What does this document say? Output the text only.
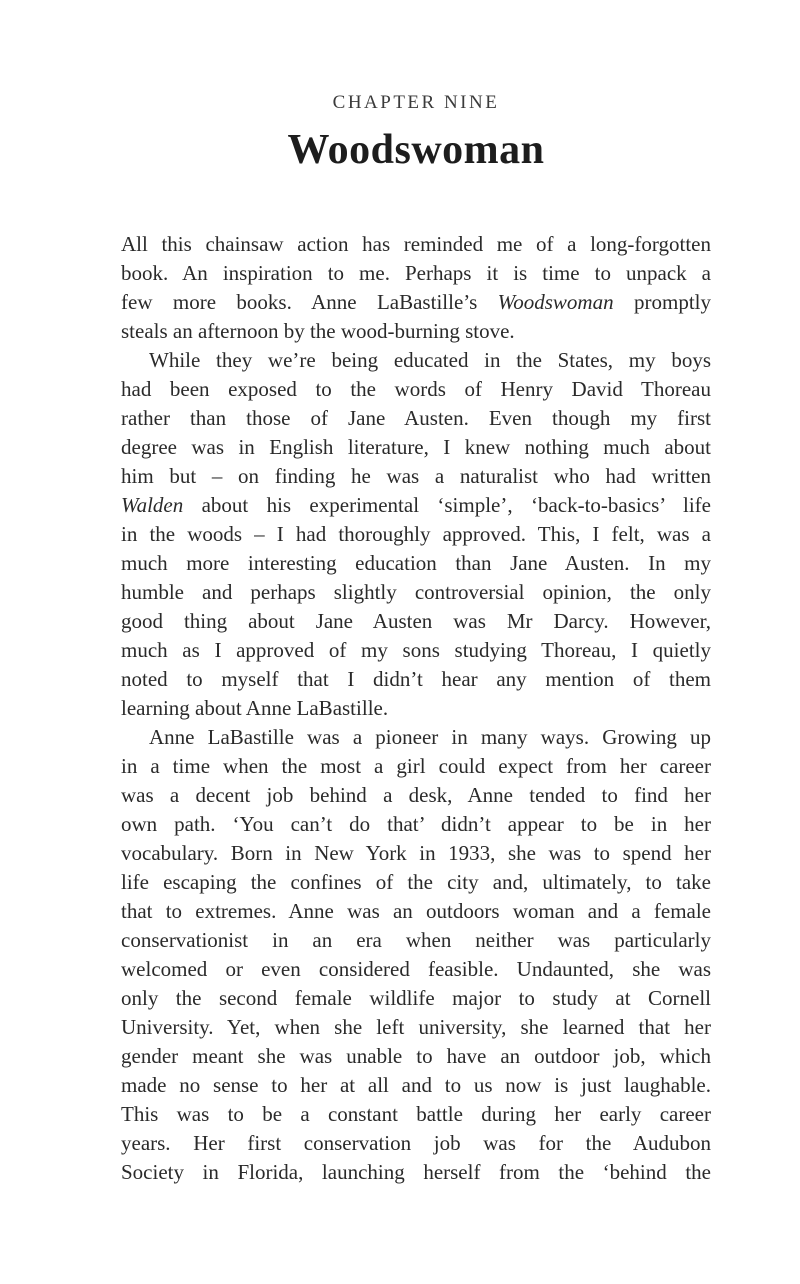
CHAPTER NINE
Woodswoman
All this chainsaw action has reminded me of a long-forgotten
book. An inspiration to me. Perhaps it is time to unpack a
few more books. Anne LaBastille’s Woodswoman promptly
steals an afternoon by the wood-burning stove.
While they we’re being educated in the States, my boys
had been exposed to the words of Henry David Thoreau
rather than those of Jane Austen. Even though my first
degree was in English literature, I knew nothing much about
him but – on finding he was a naturalist who had written
Walden about his experimental ‘simple’, ‘back-to-basics’ life
in the woods – I had thoroughly approved. This, I felt, was a
much more interesting education than Jane Austen. In my
humble and perhaps slightly controversial opinion, the only
good thing about Jane Austen was Mr Darcy. However,
much as I approved of my sons studying Thoreau, I quietly
noted to myself that I didn’t hear any mention of them
learning about Anne LaBastille.
Anne LaBastille was a pioneer in many ways. Growing up
in a time when the most a girl could expect from her career
was a decent job behind a desk, Anne tended to find her
own path. ‘You can’t do that’ didn’t appear to be in her
vocabulary. Born in New York in 1933, she was to spend her
life escaping the confines of the city and, ultimately, to take
that to extremes. Anne was an outdoors woman and a female
conservationist in an era when neither was particularly
welcomed or even considered feasible. Undaunted, she was
only the second female wildlife major to study at Cornell
University. Yet, when she left university, she learned that her
gender meant she was unable to have an outdoor job, which
made no sense to her at all and to us now is just laughable.
This was to be a constant battle during her early career
years. Her first conservation job was for the Audubon
Society in Florida, launching herself from the ‘behind the
